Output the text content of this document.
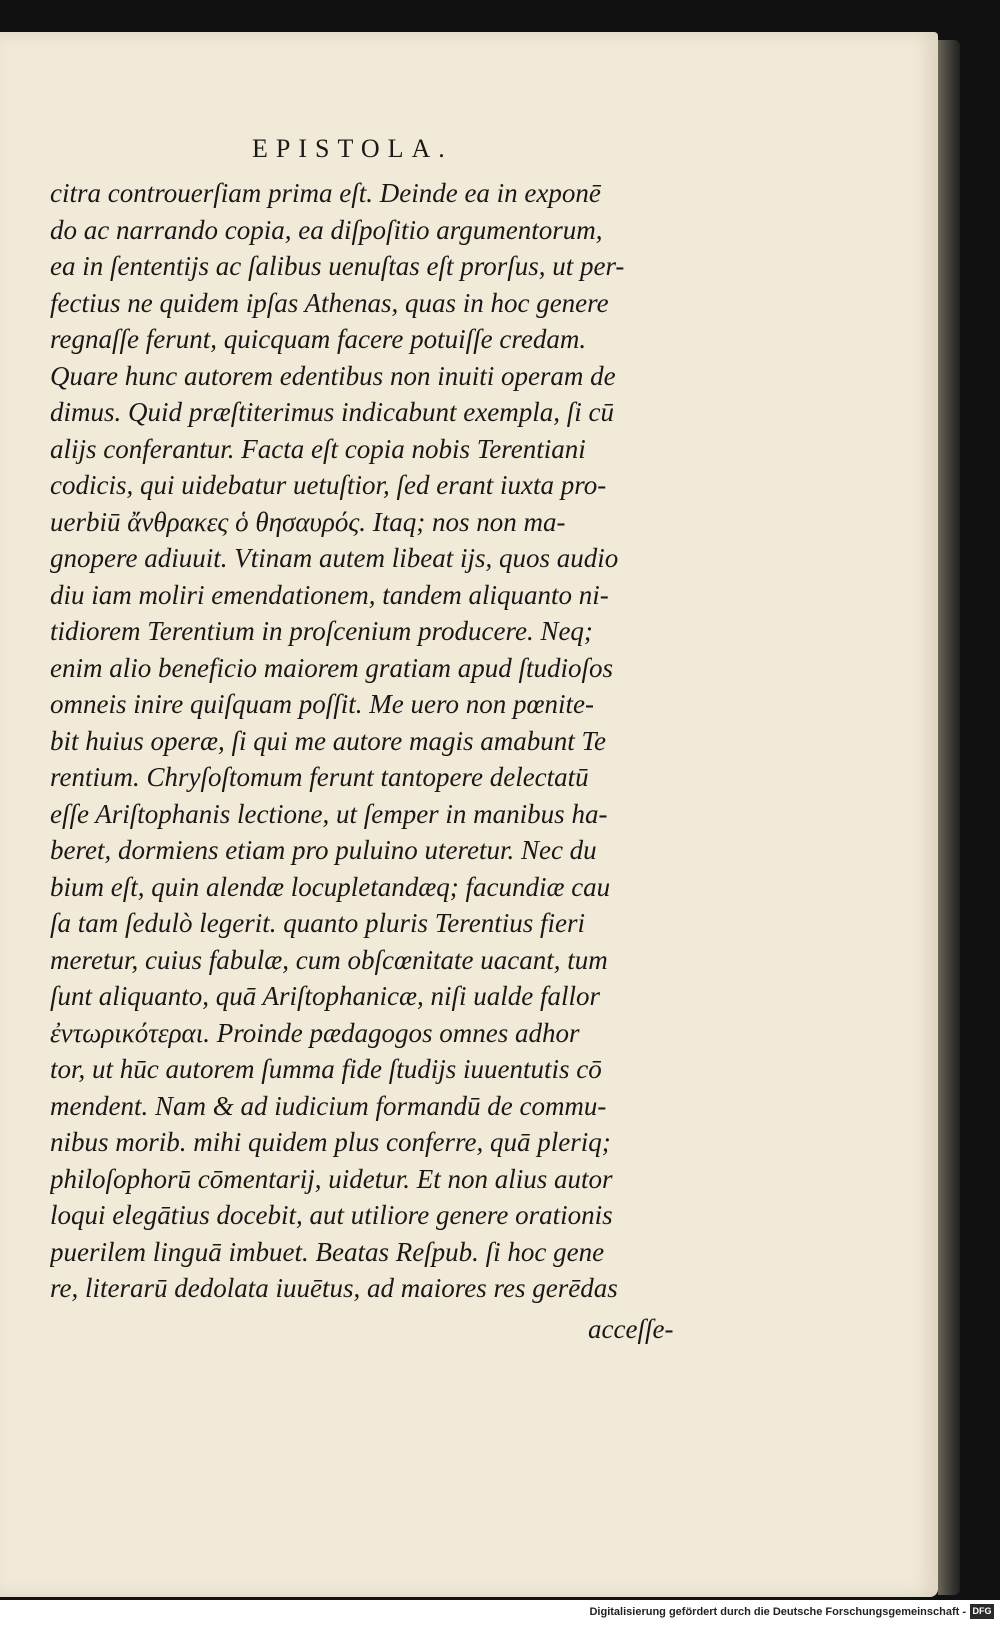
EPISTOLA.
citra controuerſiam prima eſt. Deinde ea in exponē
do ac narrando copia, ea diſpoſitio argumentorum,
ea in ſententijs ac ſalibus uenuſtas eſt prorſus, ut per-
fectius ne quidem ipſas Athenas, quas in hoc genere
regnaſſe ferunt, quicquam facere potuiſſe credam.
Quare hunc autorem edentibus non inuiti operam de
dimus. Quid præſtiterimus indicabunt exempla, ſi cū
alijs conferantur. Facta eſt copia nobis Terentiani
codicis, qui uidebatur uetuſtior, ſed erant iuxta pro-
uerbiū ἄνθρακες ὁ θησαυρός. Itaq; nos non ma-
gnopere adiuuit. Vtinam autem libeat ijs, quos audio
diu iam moliri emendationem, tandem aliquanto ni-
tidiorem Terentium in proſcenium producere. Neq;
enim alio beneficio maiorem gratiam apud ſtudioſos
omneis inire quiſquam poſſit. Me uero non pœnite-
bit huius operæ, ſi qui me autore magis amabunt Te
rentium. Chryſoſtomum ferunt tantopere delectatū
eſſe Ariſtophanis lectione, ut ſemper in manibus ha-
beret, dormiens etiam pro puluino uteretur. Nec du
bium eſt, quin alendæ locupletandæq; facundiæ cau
ſa tam ſedulò legerit. quanto pluris Terentius fieri
meretur, cuius fabulæ, cum obſcœnitate uacant, tum
ſunt aliquanto, quā Ariſtophanicæ, niſi ualde fallor
ἐντωρικότεραι. Proinde pædagogos omnes adhor
tor, ut hūc autorem ſumma fide ſtudijs iuuentutis cō
mendent. Nam & ad iudicium formandū de commu-
nibus morib. mihi quidem plus conferre, quā pleriq;
philoſophorū cōmentarij, uidetur. Et non alius autor
loqui elegātius docebit, aut utiliore genere orationis
puerilem linguā imbuet. Beatas Reſpub. ſi hoc gene
re, literarū dedolata iuuētus, ad maiores res gerēdas
acceſſe-
Digitalisierung gefördert durch die Deutsche Forschungsgemeinschaft - DFG
